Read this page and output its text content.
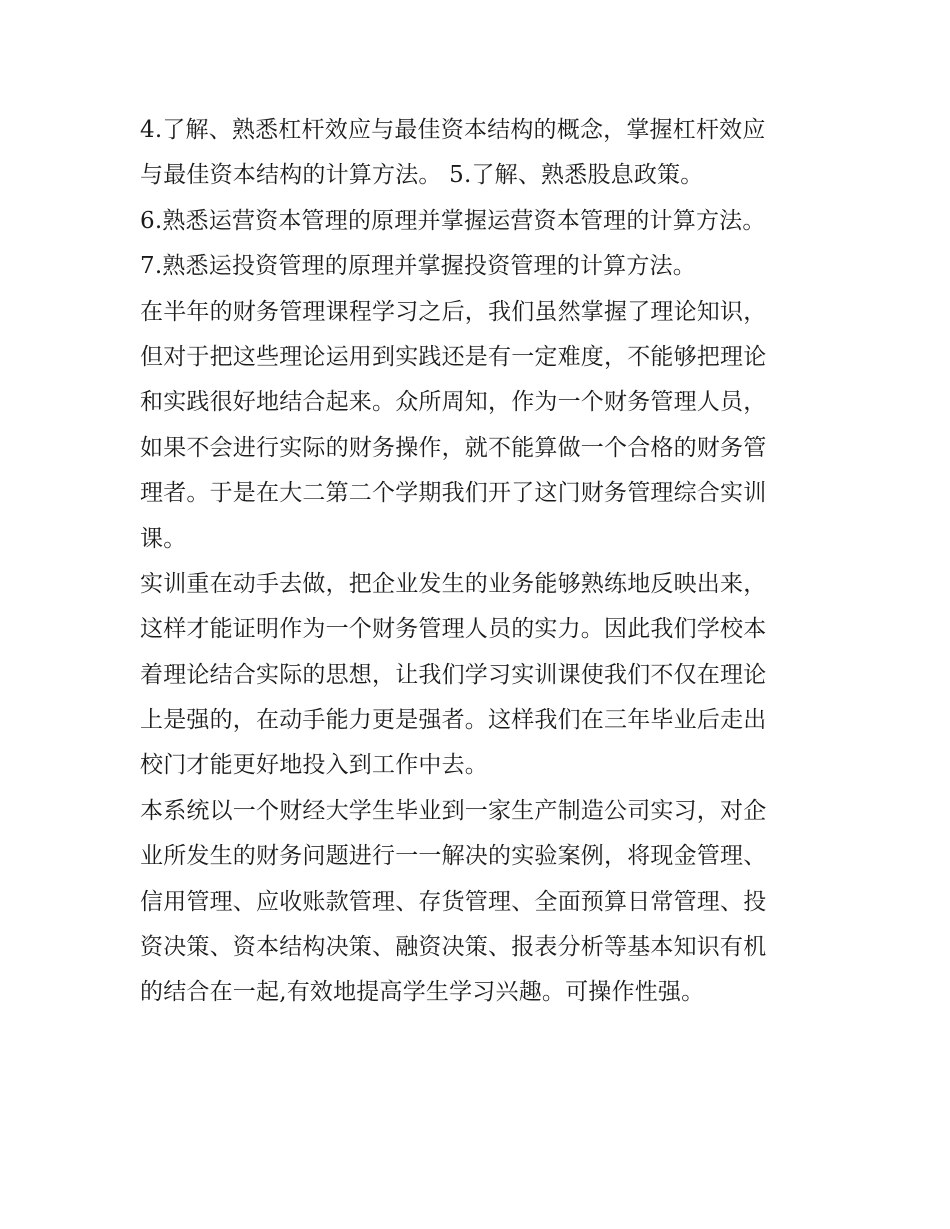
4.了解、熟悉杠杆效应与最佳资本结构的概念，掌握杠杆效应
与最佳资本结构的计算方法。 5.了解、熟悉股息政策。

6.熟悉运营资本管理的原理并掌握运营资本管理的计算方法。

7.熟悉运投资管理的原理并掌握投资管理的计算方法。

在半年的财务管理课程学习之后，我们虽然掌握了理论知识，
但对于把这些理论运用到实践还是有一定难度，不能够把理论
和实践很好地结合起来。众所周知，作为一个财务管理人员，
如果不会进行实际的财务操作，就不能算做一个合格的财务管
理者。于是在大二第二个学期我们开了这门财务管理综合实训
课。

实训重在动手去做，把企业发生的业务能够熟练地反映出来，
这样才能证明作为一个财务管理人员的实力。因此我们学校本
着理论结合实际的思想，让我们学习实训课使我们不仅在理论
上是强的，在动手能力更是强者。这样我们在三年毕业后走出
校门才能更好地投入到工作中去。

本系统以一个财经大学生毕业到一家生产制造公司实习，对企
业所发生的财务问题进行一一解决的实验案例，将现金管理、
信用管理、应收账款管理、存货管理、全面预算日常管理、投
资决策、资本结构决策、融资决策、报表分析等基本知识有机
的结合在一起,有效地提高学生学习兴趣。可操作性强。
